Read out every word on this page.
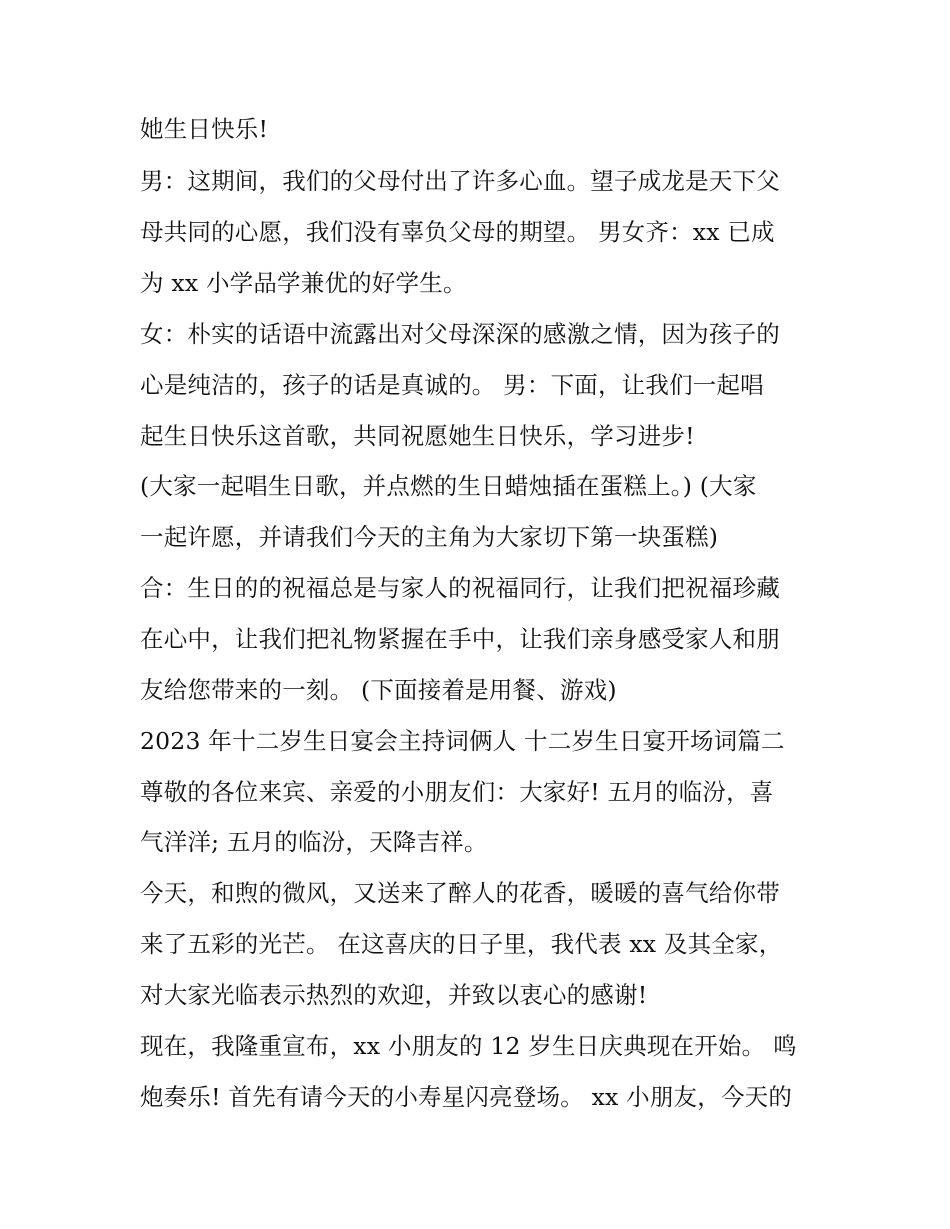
她生日快乐!
男：这期间，我们的父母付出了许多心血。望子成龙是天下父
母共同的心愿，我们没有辜负父母的期望。 男女齐：xx 已成
为 xx 小学品学兼优的好学生。
女：朴实的话语中流露出对父母深深的感激之情，因为孩子的
心是纯洁的，孩子的话是真诚的。 男：下面，让我们一起唱
起生日快乐这首歌，共同祝愿她生日快乐，学习进步!
(大家一起唱生日歌，并点燃的生日蜡烛插在蛋糕上。) (大家
一起许愿，并请我们今天的主角为大家切下第一块蛋糕)
合：生日的的祝福总是与家人的祝福同行，让我们把祝福珍藏
在心中，让我们把礼物紧握在手中，让我们亲身感受家人和朋
友给您带来的一刻。 (下面接着是用餐、游戏)
2023 年十二岁生日宴会主持词俩人 十二岁生日宴开场词篇二
尊敬的各位来宾、亲爱的小朋友们：大家好! 五月的临汾，喜
气洋洋; 五月的临汾，天降吉祥。
今天，和煦的微风，又送来了醉人的花香，暖暖的喜气给你带
来了五彩的光芒。 在这喜庆的日子里，我代表 xx 及其全家，
对大家光临表示热烈的欢迎，并致以衷心的感谢!
现在，我隆重宣布，xx 小朋友的 12 岁生日庆典现在开始。 鸣
炮奏乐! 首先有请今天的小寿星闪亮登场。 xx 小朋友，今天的
